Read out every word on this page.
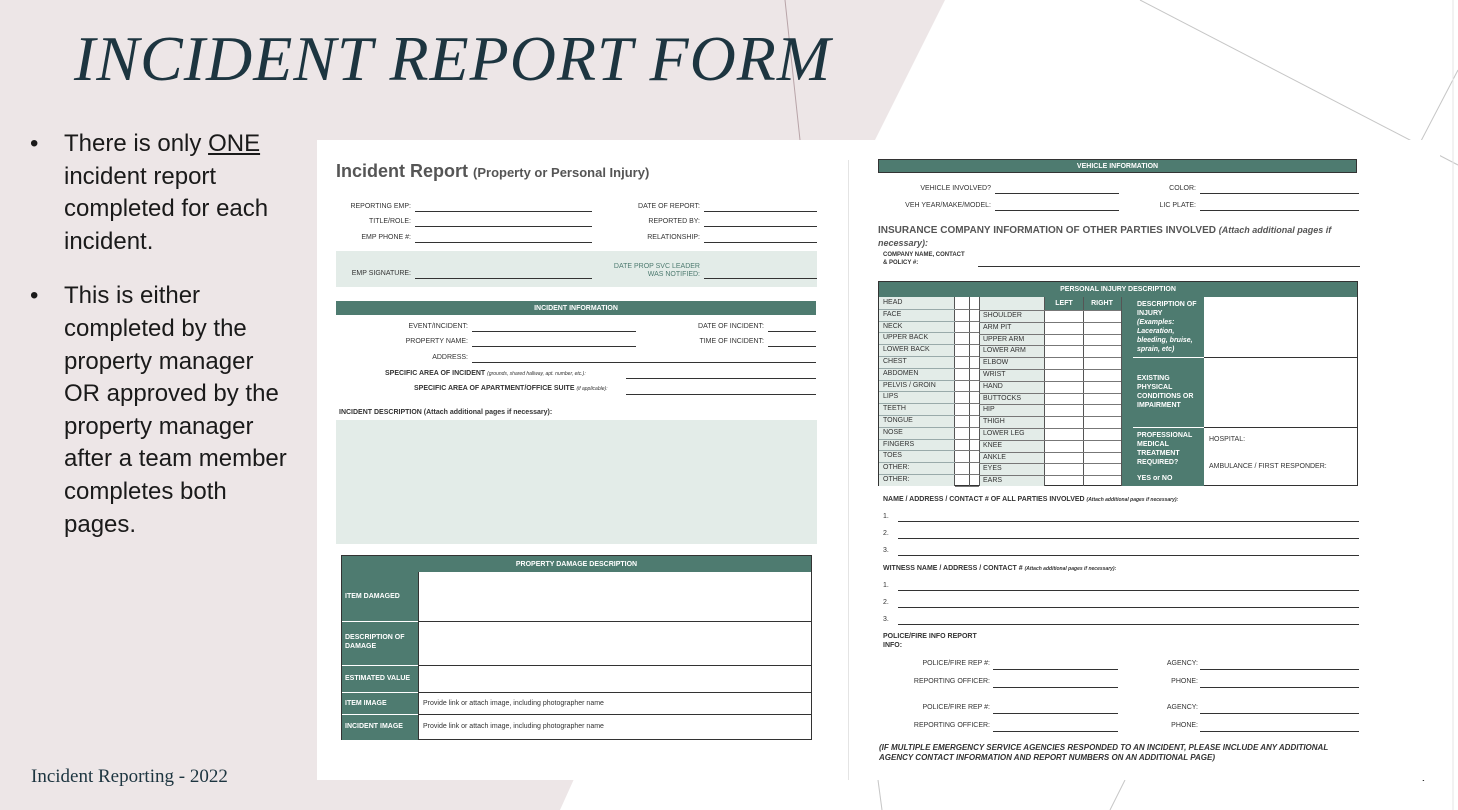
INCIDENT REPORT FORM
• There is only ONE incident report completed for each incident.
• This is either completed by the property manager OR approved by the property manager after a team member completes both pages.
Incident Reporting - 2022
Incident Report (Property or Personal Injury)
REPORTING EMP:
TITLE/ROLE:
EMP PHONE #:
DATE OF REPORT:
REPORTED BY:
RELATIONSHIP:
EMP SIGNATURE:
DATE PROP SVC LEADER
WAS NOTIFIED:
INCIDENT INFORMATION
EVENT/INCIDENT:
PROPERTY NAME:
ADDRESS:
DATE OF INCIDENT:
TIME OF INCIDENT:
SPECIFIC AREA OF INCIDENT (grounds, shared hallway, apt. number, etc.):
SPECIFIC AREA OF APARTMENT/OFFICE SUITE (if applicable):
INCIDENT DESCRIPTION (Attach additional pages if necessary):
PROPERTY DAMAGE DESCRIPTION
ITEM DAMAGED
DESCRIPTION OF DAMAGE
ESTIMATED VALUE
ITEM IMAGE
INCIDENT IMAGE
Provide link or attach image, including photographer name
Provide link or attach image, including photographer name
VEHICLE INFORMATION
VEHICLE INVOLVED?
VEH YEAR/MAKE/MODEL:
COLOR:
LIC PLATE:
INSURANCE COMPANY INFORMATION OF OTHER PARTIES INVOLVED (Attach additional pages if necessary):
COMPANY NAME, CONTACT
& POLICY #:
PERSONAL INJURY DESCRIPTION
LEFT	RIGHT	DESCRIPTION OF
INJURY
(Examples:
Laceration,
bleeding, bruise,
sprain, etc)
EXISTING
PHYSICAL
CONDITIONS OR
IMPAIRMENT
PROFESSIONAL
MEDICAL
TREATMENT
REQUIRED?
YES or NO
HOSPITAL:
AMBULANCE / FIRST RESPONDER:
HEAD
FACE
NECK
UPPER BACK
LOWER BACK
CHEST
ABDOMEN
PELVIS / GROIN
LIPS
TEETH
TONGUE
NOSE
FINGERS
TOES
OTHER:
OTHER:
SHOULDER
ARM PIT
UPPER ARM
LOWER ARM
ELBOW
WRIST
HAND
BUTTOCKS
HIP
THIGH
LOWER LEG
KNEE
ANKLE
EYES
EARS
NAME / ADDRESS / CONTACT # OF ALL PARTIES INVOLVED (Attach additional pages if necessary):
1.
2.
3.
WITNESS NAME / ADDRESS / CONTACT # (Attach additional pages if necessary):
1.
2.
3.
POLICE/FIRE INFO REPORT
INFO:
POLICE/FIRE REP #:
REPORTING OFFICER:
AGENCY:
PHONE:
POLICE/FIRE REP #:
REPORTING OFFICER:
AGENCY:
PHONE:
(IF MULTIPLE EMERGENCY SERVICE AGENCIES RESPONDED TO AN INCIDENT, PLEASE INCLUDE ANY ADDITIONAL
AGENCY CONTACT INFORMATION AND REPORT NUMBERS ON AN ADDITIONAL PAGE)
